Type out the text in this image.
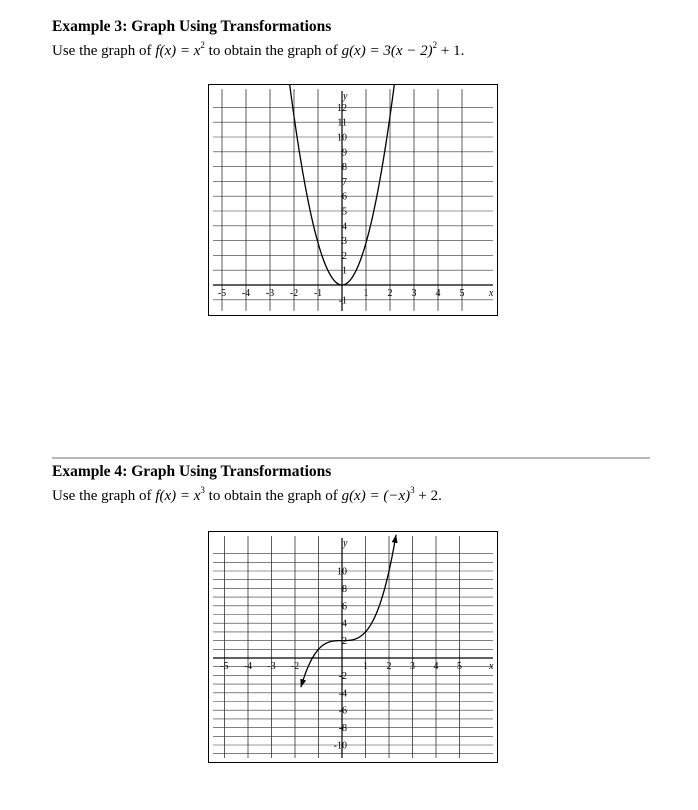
Example 3: Graph Using Transformations
Use the graph of $f(x) = x^2$ to obtain the graph of $g(x) = 3(x - 2)^2 + 1$.
-5 -4 -3 -2 -1	1 2 3 4 5
-1
1
2
3
4
5
6
7
8
9
10
11
12
x
y
Example 4: Graph Using Transformations
Use the graph of $f(x) = x^3$ to obtain the graph of $g(x) = (-x)^3 + 2$.
-5 -4 -3 -2	1 2 3 4 5
-10
-8
-6
-4
-2
2
4
6
8
10
x
y
